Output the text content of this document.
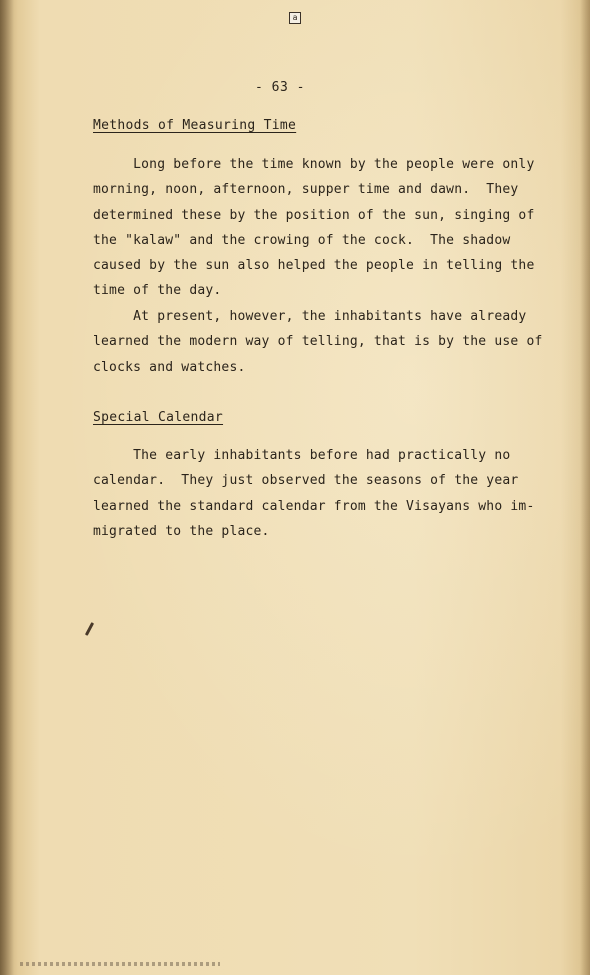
a
- 63 -
Methods of Measuring Time

Long before the time known by the people were only
morning, noon, afternoon, supper time and dawn.  They
determined these by the position of the sun, singing of
the "kalaw" and the crowing of the cock.  The shadow
caused by the sun also helped the people in telling the
time of the day.

At present, however, the inhabitants have already
learned the modern way of telling, that is by the use of
clocks and watches.

Special Calendar

The early inhabitants before had practically no
calendar.  They just observed the seasons of the year
learned the standard calendar from the Visayans who im-
migrated to the place.
